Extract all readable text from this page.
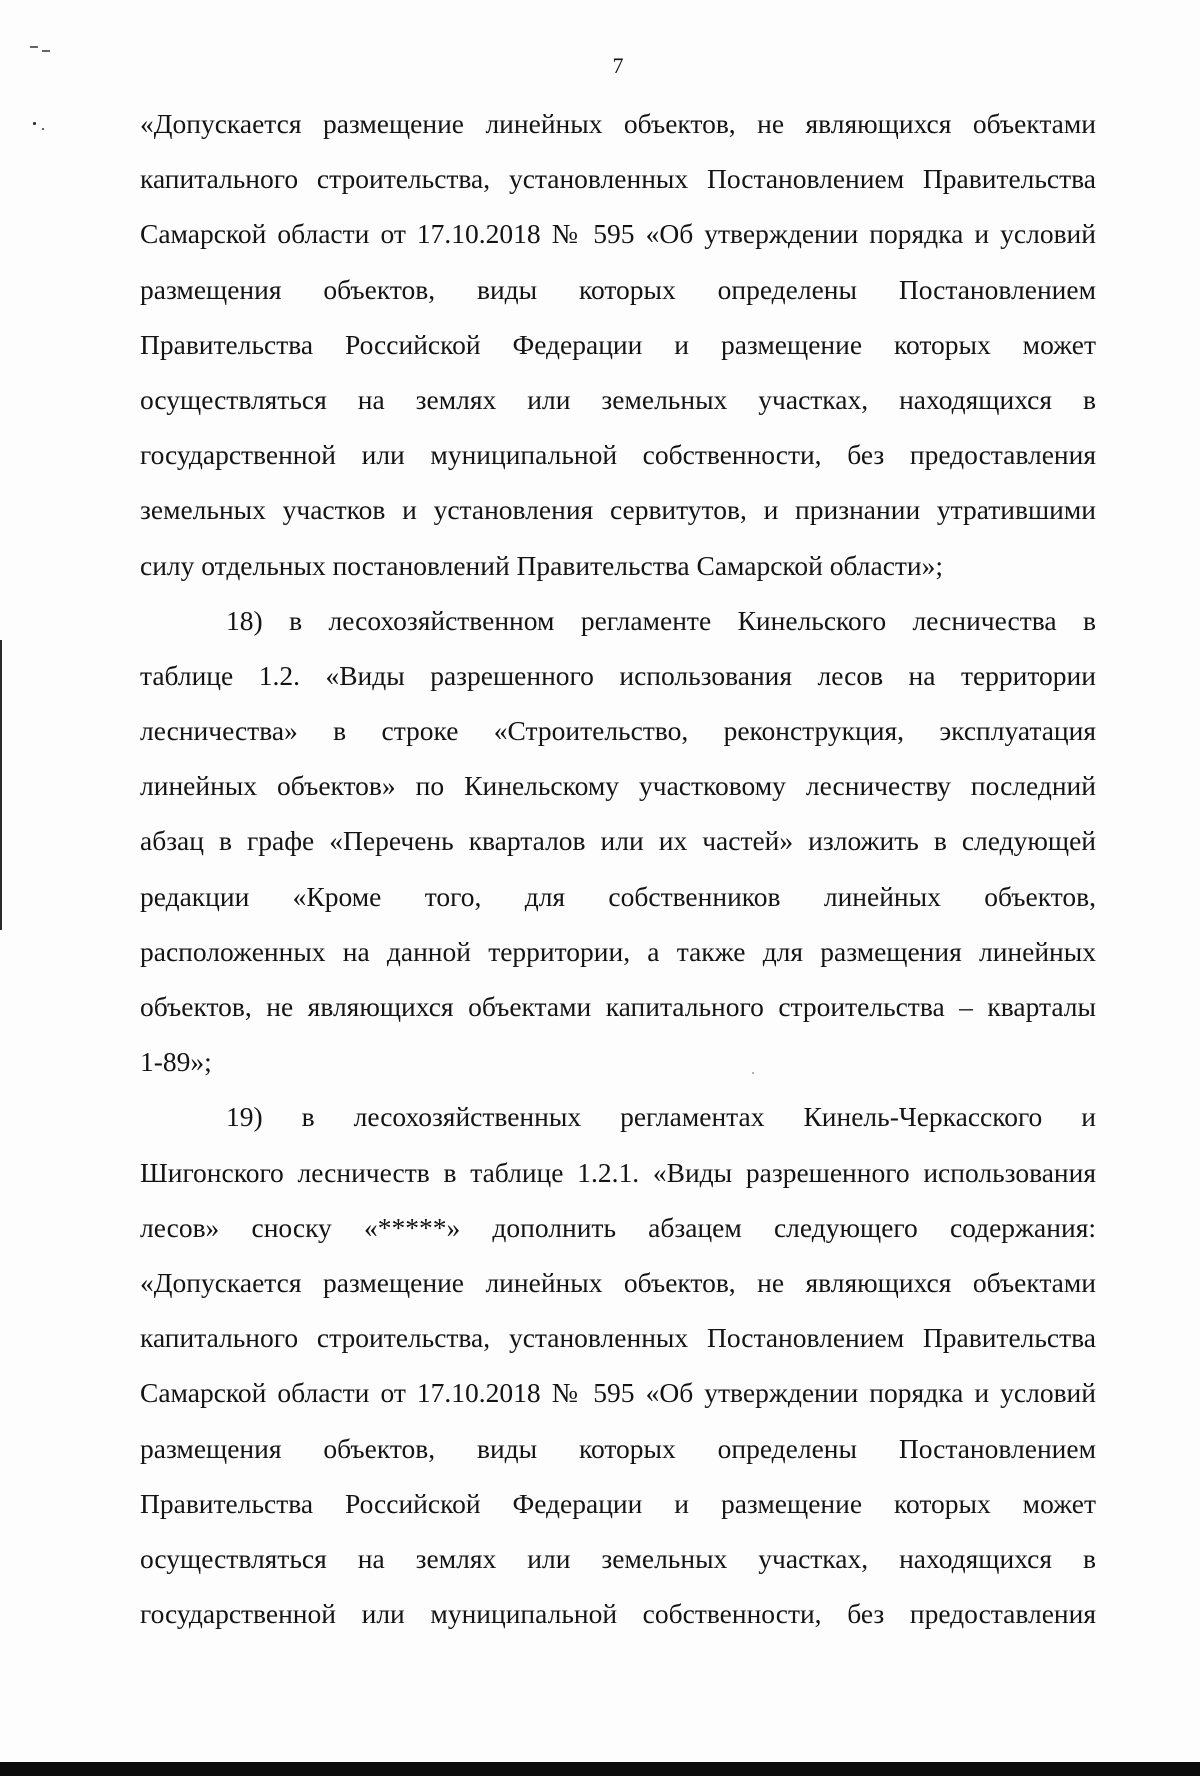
7
«Допускается размещение линейных объектов, не являющихся объектами
капитального строительства, установленных Постановлением Правительства
Самарской области от 17.10.2018 № 595 «Об утверждении порядка и условий
размещения объектов, виды которых определены Постановлением
Правительства Российской Федерации и размещение которых может
осуществляться на землях или земельных участках, находящихся в
государственной или муниципальной собственности, без предоставления
земельных участков и установления сервитутов, и признании утратившими
силу отдельных постановлений Правительства Самарской области»;
18) в лесохозяйственном регламенте Кинельского лесничества в
таблице 1.2. «Виды разрешенного использования лесов на территории
лесничества» в строке «Строительство, реконструкция, эксплуатация
линейных объектов» по Кинельскому участковому лесничеству последний
абзац в графе «Перечень кварталов или их частей» изложить в следующей
редакции «Кроме того, для собственников линейных объектов,
расположенных на данной территории, а также для размещения линейных
объектов, не являющихся объектами капитального строительства – кварталы
1-89»;
19) в лесохозяйственных регламентах Кинель-Черкасского и
Шигонского лесничеств в таблице 1.2.1. «Виды разрешенного использования
лесов» сноску «*****» дополнить абзацем следующего содержания:
«Допускается размещение линейных объектов, не являющихся объектами
капитального строительства, установленных Постановлением Правительства
Самарской области от 17.10.2018 № 595 «Об утверждении порядка и условий
размещения объектов, виды которых определены Постановлением
Правительства Российской Федерации и размещение которых может
осуществляться на землях или земельных участках, находящихся в
государственной или муниципальной собственности, без предоставления
